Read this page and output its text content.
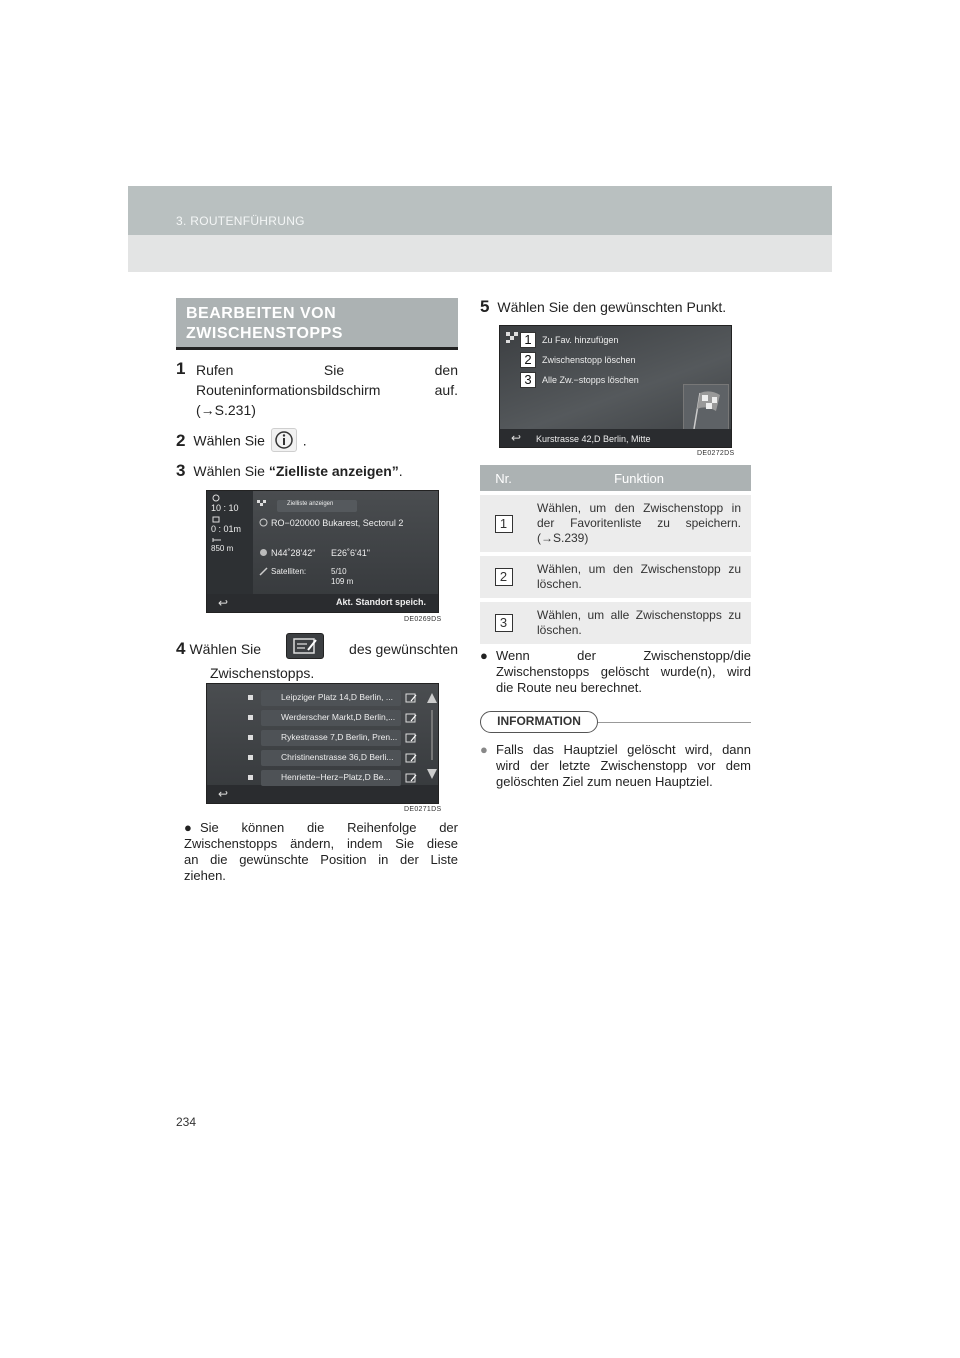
3. ROUTENFÜHRUNG
BEARBEITEN VON
ZWISCHENSTOPPS
1 Rufen	Sie	den
Routeninformationsbildschirm auf.
(→S.231)
2 Wählen Sie	.
3 Wählen Sie “Zielliste anzeigen”.
10 : 10
0 : 01m
850 m
Zielliste anzeigen
RO−020000 Bukarest, Sectorul 2
N44˚28'42" E26˚6'41"
Satelliten:	5/10
109 m
↩	Akt. Standort speich.
DE0269DS
4 Wählen Sie	des gewünschten
Zwischenstopps.
↩
Leipziger Platz 14,D Berlin, ...
Werderscher Markt,D Berlin,...
Rykestrasse 7,D Berlin, Pren...
Christinenstrasse 36,D Berli...
Henriette−Herz−Platz,D Be...
DE0271DS
● Sie können die Reihenfolge der
Zwischenstopps ändern, indem Sie diese
an die gewünschte Position in der Liste
ziehen.
5 Wählen Sie den gewünschten Punkt.
1	Zu Fav. hinzufügen
2	Zwischenstopp löschen
3	Alle Zw.−stopps löschen
↩	Kurstrasse 42,D Berlin, Mitte
DE0272DS
Nr.	Funktion
1	Wählen, um den Zwischenstopp in der Favoritenliste zu speichern. (→S.239)
2	Wählen, um den Zwischenstopp zu löschen.
3	Wählen, um alle Zwischenstopps zu löschen.
● Wenn	der	Zwischenstopp/die
Zwischenstopps gelöscht wurde(n), wird
die Route neu berechnet.
INFORMATION
● Falls das Hauptziel gelöscht wird, dann
wird der letzte Zwischenstopp vor dem
gelöschten Ziel zum neuen Hauptziel.
234
